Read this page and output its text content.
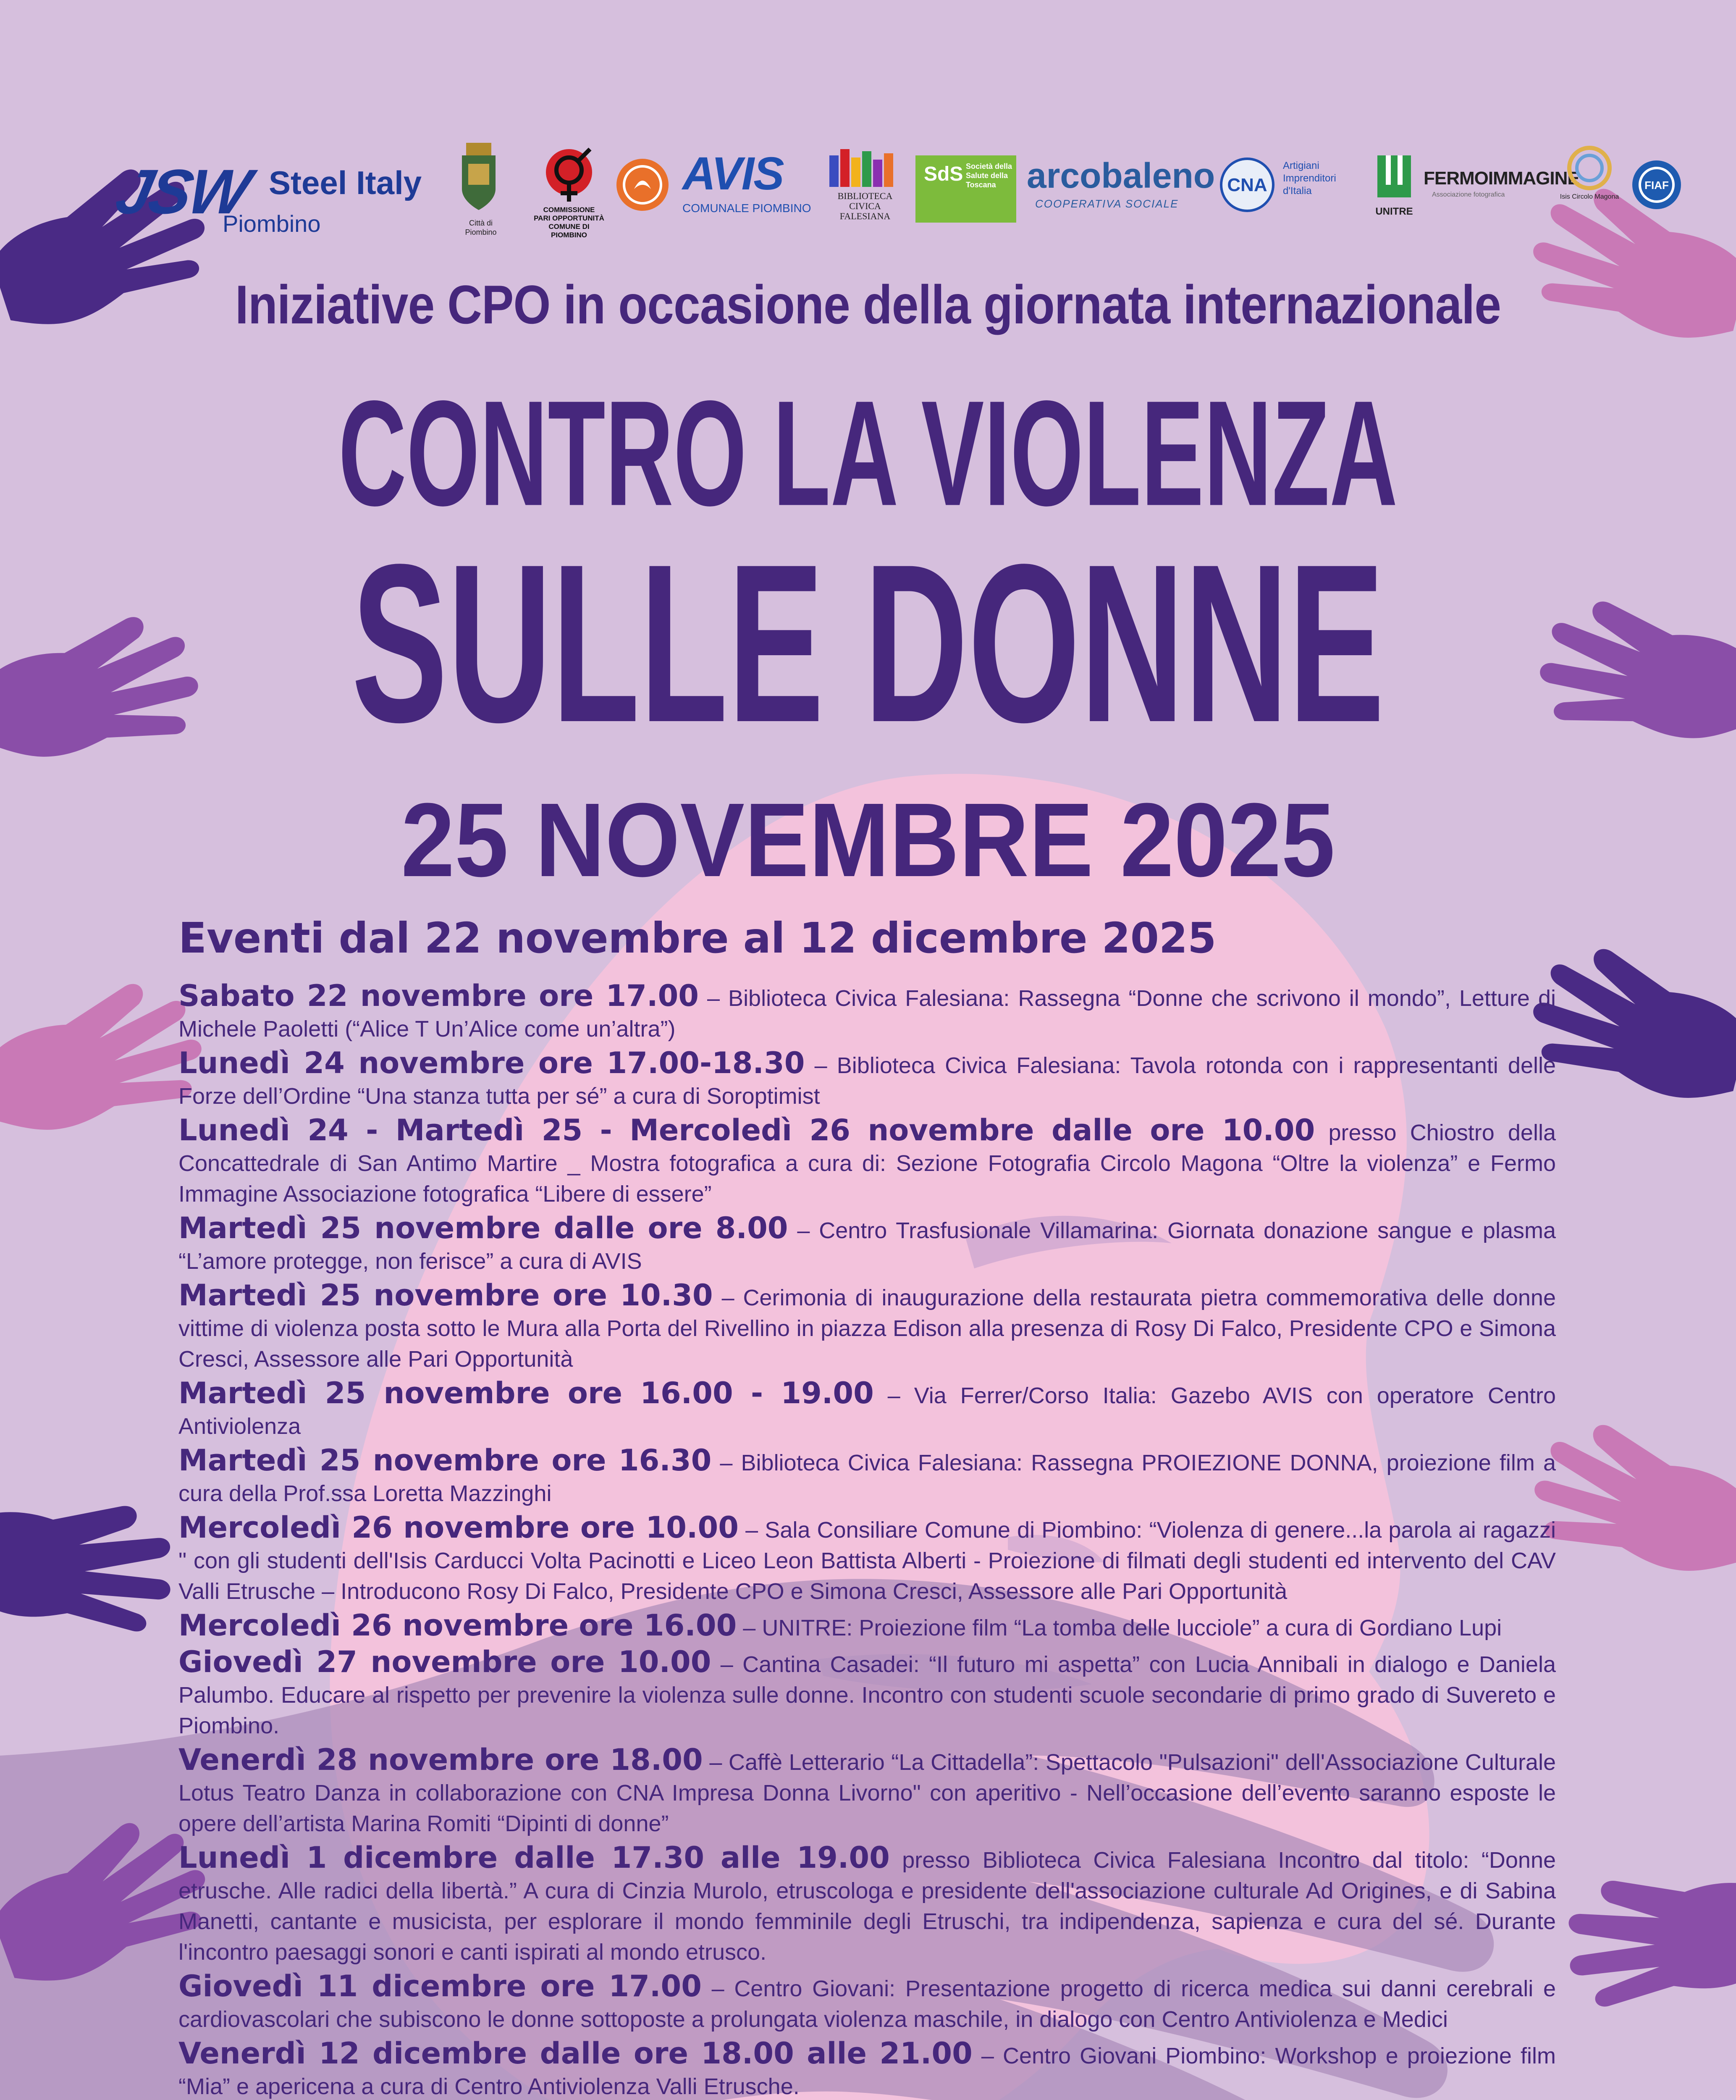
JSW Steel Italy
Piombino	Città di
Piombino
COMMISSIONE
PARI OPPORTUNITÀ
COMUNE DI PIOMBINO
AVIS
COMUNALE PIOMBINO
BIBLIOTECA CIVICA
FALESIANA
SdS Società della Salute della Toscana arcobaleno
COOPERATIVA SOCIALE
CNA
Artigiani
Imprenditori
d'Italia
UNITRE
FERMOIMMAGINE
Associazione fotografica	Isis Circolo Magona
FIAF
Iniziative CPO in occasione della giornata internazionale
CONTRO LA VIOLENZA
SULLE DONNE
25 NOVEMBRE 2025
Eventi dal 22 novembre al 12 dicembre 2025
Sabato 22 novembre ore 17.00 – Biblioteca Civica Falesiana: Rassegna “Donne che scrivono il mondo”, Letture di Michele Paoletti (“Alice T Un’Alice come un’altra”)
Lunedì 24 novembre ore 17.00-18.30 – Biblioteca Civica Falesiana: Tavola rotonda con i rappresentanti delle Forze dell’Ordine “Una stanza tutta per sé” a cura di Soroptimist
Lunedì 24 - Martedì 25 - Mercoledì 26 novembre dalle ore 10.00 presso Chiostro della Concattedrale di San Antimo Martire _ Mostra fotografica a cura di: Sezione Fotografia Circolo Magona “Oltre la violenza” e Fermo Immagine Associazione fotografica “Libere di essere”
Martedì 25 novembre dalle ore 8.00 – Centro Trasfusionale Villamarina: Giornata donazione sangue e plasma “L’amore protegge, non ferisce” a cura di AVIS
Martedì 25 novembre ore 10.30 – Cerimonia di inaugurazione della restaurata pietra commemorativa delle donne vittime di violenza posta sotto le Mura alla Porta del Rivellino in piazza Edison alla presenza di Rosy Di Falco, Presidente CPO e Simona Cresci, Assessore alle Pari Opportunità
Martedì 25 novembre ore 16.00 - 19.00 – Via Ferrer/Corso Italia: Gazebo AVIS con operatore Centro Antiviolenza
Martedì 25 novembre ore 16.30 – Biblioteca Civica Falesiana: Rassegna PROIEZIONE DONNA, proiezione film a cura della Prof.ssa Loretta Mazzinghi
Mercoledì 26 novembre ore 10.00 – Sala Consiliare Comune di Piombino: “Violenza di genere...la parola ai ragazzi " con gli studenti dell'Isis Carducci Volta Pacinotti e Liceo Leon Battista Alberti - Proiezione di filmati degli studenti ed intervento del CAV Valli Etrusche – Introducono Rosy Di Falco, Presidente CPO e Simona Cresci, Assessore alle Pari Opportunità
Mercoledì 26 novembre ore 16.00 – UNITRE: Proiezione film “La tomba delle lucciole” a cura di Gordiano Lupi
Giovedì 27 novembre ore 10.00 – Cantina Casadei: “Il futuro mi aspetta” con Lucia Annibali in dialogo e Daniela Palumbo. Educare al rispetto per prevenire la violenza sulle donne. Incontro con studenti scuole secondarie di primo grado di Suvereto e Piombino.
Venerdì 28 novembre ore 18.00 – Caffè Letterario “La Cittadella”: Spettacolo "Pulsazioni" dell'Associazione Culturale Lotus Teatro Danza in collaborazione con CNA Impresa Donna Livorno" con aperitivo - Nell’occasione dell’evento saranno esposte le opere dell’artista Marina Romiti “Dipinti di donne”
Lunedì 1 dicembre dalle 17.30 alle 19.00 presso Biblioteca Civica Falesiana Incontro dal titolo: “Donne etrusche. Alle radici della libertà.” A cura di Cinzia Murolo, etruscologa e presidente dell'associazione culturale Ad Origines, e di Sabina Manetti, cantante e musicista, per esplorare il mondo femminile degli Etruschi, tra indipendenza, sapienza e cura del sé. Durante l'incontro paesaggi sonori e canti ispirati al mondo etrusco.
Giovedì 11 dicembre ore 17.00 – Centro Giovani: Presentazione progetto di ricerca medica sui danni cerebrali e cardiovascolari che subiscono le donne sottoposte a prolungata violenza maschile, in dialogo con Centro Antiviolenza e Medici
Venerdì 12 dicembre dalle ore 18.00 alle 21.00 – Centro Giovani Piombino: Workshop e proiezione film “Mia” e apericena a cura di Centro Antiviolenza Valli Etrusche.
